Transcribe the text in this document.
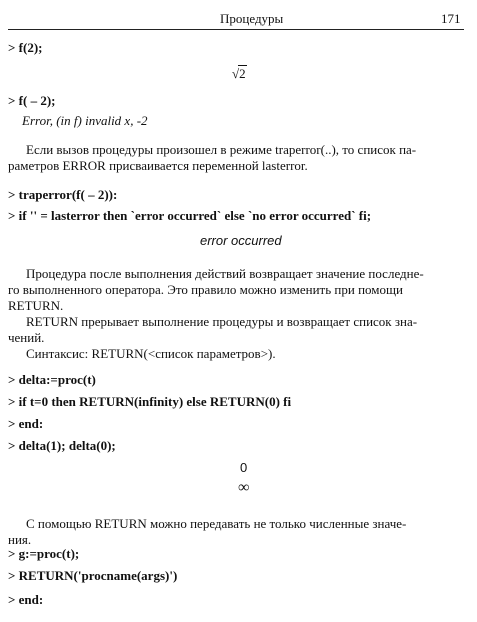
Процедуры	171
> f(2);
√2
> f( – 2);
Error, (in f) invalid x, -2
Если вызов процедуры произошел в режиме traperror(..), то список па-
раметров ERROR присваивается переменной lasterror.
> traperror(f( – 2)):
> if '' = lasterror then `error occurred` else `no error occurred` fi;
error occurred
Процедура после выполнения действий возвращает значение последне-
го выполненного оператора. Это правило можно изменить при помощи
RETURN.
RETURN прерывает выполнение процедуры и возвращает список зна-
чений.
Синтаксис: RETURN(<список параметров>).
> delta:=proc(t)
> if t=0 then RETURN(infinity) else RETURN(0) fi
> end:
> delta(1); delta(0);
0
∞
С помощью RETURN можно передавать не только численные значе-
ния.
> g:=proc(t);
> RETURN('procname(args)')
> end:
